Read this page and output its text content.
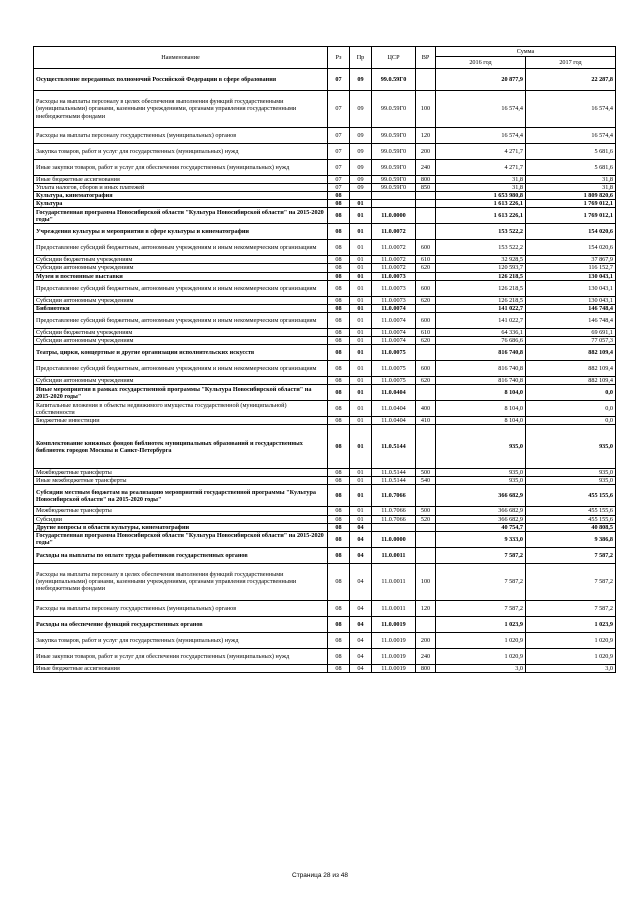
Наименование	Рз	Пр	ЦСР	ВР	Сумма	
					2016 год	2017 год
Осуществление переданных полномочий Российской Федерации в сфере образования	07	09	99.0.59Г0		20 877,9	22 287,8
Расходы на выплаты персоналу в целях обеспечения выполнения функций государственными (муниципальными) органами, казенными учреждениями, органами управления государственными внебюджетными фондами	07	09	99.0.59Г0	100	16 574,4	16 574,4
Расходы на выплаты персоналу государственных (муниципальных) органов	07	09	99.0.59Г0	120	16 574,4	16 574,4
Закупка товаров, работ и услуг для государственных (муниципальных) нужд	07	09	99.0.59Г0	200	4 271,7	5 681,6
Иные закупки товаров, работ и услуг для обеспечения государственных (муниципальных) нужд	07	09	99.0.59Г0	240	4 271,7	5 681,6
Иные бюджетные ассигнования	07	09	99.0.59Г0	800	31,8	31,8
Уплата налогов, сборов и иных платежей	07	09	99.0.59Г0	850	31,8	31,8
Культура, кинематография	08				1 653 980,8	1 809 820,6
Культура	08	01			1 613 226,1	1 769 012,1
Государственная программа Новосибирской области "Культура Новосибирской области" на 2015-2020 годы"	08	01	11.0.0000		1 613 226,1	1 769 012,1
Учреждения культуры и мероприятия в сфере культуры и кинематографии	08	01	11.0.0072		153 522,2	154 020,6
Предоставление субсидий бюджетным, автономным учреждениям и иным некоммерческим организациям	08	01	11.0.0072	600	153 522,2	154 020,6
Субсидии бюджетным учреждениям	08	01	11.0.0072	610	32 928,5	37 867,9
Субсидии автономным учреждениям	08	01	11.0.0072	620	120 593,7	116 152,7
Музеи и постоянные выставки	08	01	11.0.0073		126 218,5	130 043,1
Предоставление субсидий бюджетным, автономным учреждениям и иным некоммерческим организациям	08	01	11.0.0073	600	126 218,5	130 043,1
Субсидии автономным учреждениям	08	01	11.0.0073	620	126 218,5	130 043,1
Библиотеки	08	01	11.0.0074		141 022,7	146 748,4
Предоставление субсидий бюджетным, автономным учреждениям и иным некоммерческим организациям	08	01	11.0.0074	600	141 022,7	146 748,4
Субсидии бюджетным учреждениям	08	01	11.0.0074	610	64 336,1	69 691,1
Субсидии автономным учреждениям	08	01	11.0.0074	620	76 686,6	77 057,3
Театры, цирки, концертные и другие организации исполнительских искусств	08	01	11.0.0075		816 740,8	882 109,4
Предоставление субсидий бюджетным, автономным учреждениям и иным некоммерческим организациям	08	01	11.0.0075	600	816 740,8	882 109,4
Субсидии автономным учреждениям	08	01	11.0.0075	620	816 740,8	882 109,4
Иные мероприятия в рамках государственной программы "Культура Новосибирской области" на 2015-2020 годы"	08	01	11.0.0404		8 104,0	0,0
Капитальные вложения в объекты недвижимого имущества государственной (муниципальной) собственности	08	01	11.0.0404	400	8 104,0	0,0
Бюджетные инвестиции	08	01	11.0.0404	410	8 104,0	0,0
Комплектование книжных фондов библиотек муниципальных образований и государственных библиотек городов Москвы и Санкт-Петербурга	08	01	11.0.5144		935,0	935,0
Межбюджетные трансферты	08	01	11.0.5144	500	935,0	935,0
Иные межбюджетные трансферты	08	01	11.0.5144	540	935,0	935,0
Субсидии местным бюджетам на реализацию мероприятий государственной программы "Культура Новосибирской области" на 2015-2020 годы"	08	01	11.0.7066		366 682,9	455 155,6
Межбюджетные трансферты	08	01	11.0.7066	500	366 682,9	455 155,6
Субсидии	08	01	11.0.7066	520	366 682,9	455 155,6
Другие вопросы в области культуры, кинематографии	08	04			40 754,7	40 808,5
Государственная программа Новосибирской области "Культура Новосибирской области" на 2015-2020 годы"	08	04	11.0.0000		9 333,0	9 386,8
Расходы на выплаты по оплате труда работников государственных органов	08	04	11.0.0011		7 587,2	7 587,2
Расходы на выплаты персоналу в целях обеспечения выполнения функций государственными (муниципальными) органами, казенными учреждениями, органами управления государственными внебюджетными фондами	08	04	11.0.0011	100	7 587,2	7 587,2
Расходы на выплаты персоналу государственных (муниципальных) органов	08	04	11.0.0011	120	7 587,2	7 587,2
Расходы на обеспечение функций государственных органов	08	04	11.0.0019		1 023,9	1 023,9
Закупка товаров, работ и услуг для государственных (муниципальных) нужд	08	04	11.0.0019	200	1 020,9	1 020,9
Иные закупки товаров, работ и услуг для обеспечения государственных (муниципальных) нужд	08	04	11.0.0019	240	1 020,9	1 020,9
Иные бюджетные ассигнования	08	04	11.0.0019	800	3,0	3,0
Страница 28 из 48
